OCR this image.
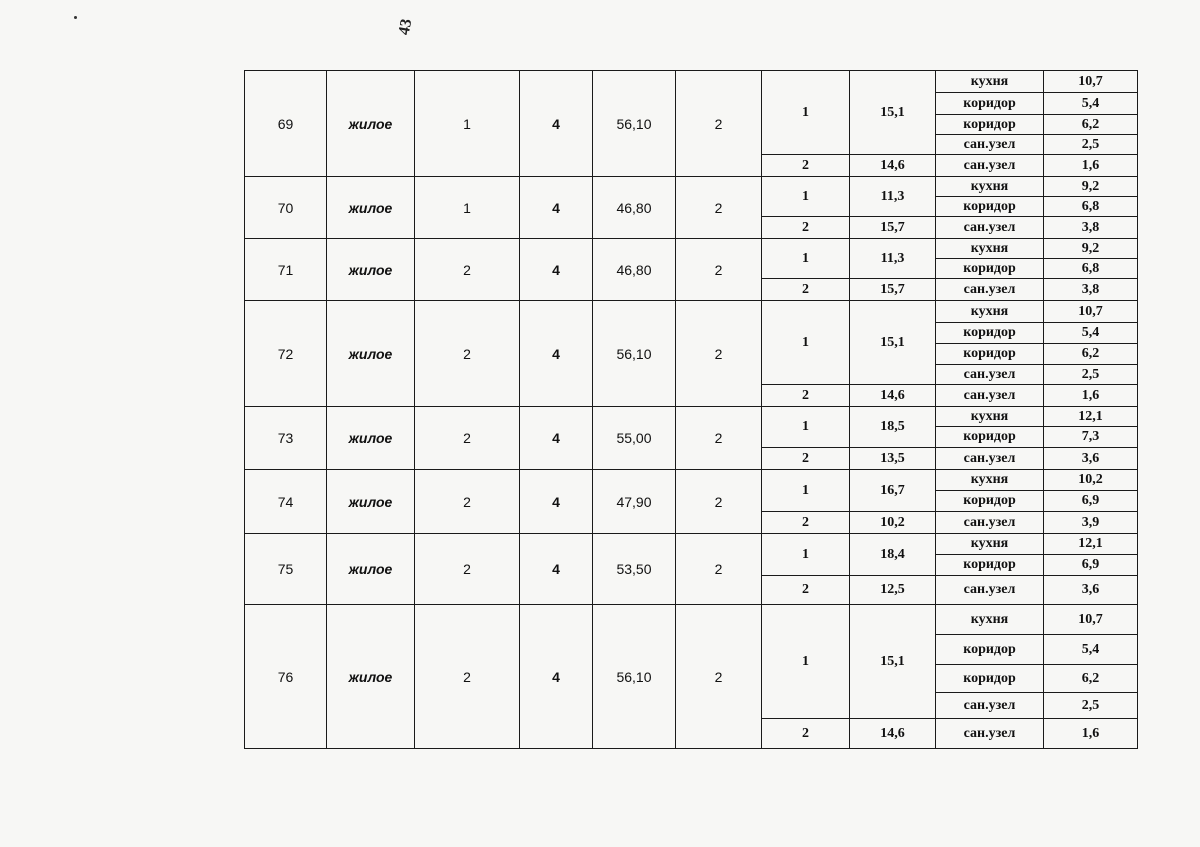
43
69	жилое	1	4	56,10	2	1	15,1	кухня	10,7
								коридор	5,4
								коридор	6,2
								сан.узел	2,5
						2	14,6	сан.узел	1,6
70	жилое	1	4	46,80	2	1	11,3	кухня	9,2
								коридор	6,8
						2	15,7	сан.узел	3,8
71	жилое	2	4	46,80	2	1	11,3	кухня	9,2
								коридор	6,8
						2	15,7	сан.узел	3,8
72	жилое	2	4	56,10	2	1	15,1	кухня	10,7
								коридор	5,4
								коридор	6,2
								сан.узел	2,5
						2	14,6	сан.узел	1,6
73	жилое	2	4	55,00	2	1	18,5	кухня	12,1
								коридор	7,3
						2	13,5	сан.узел	3,6
74	жилое	2	4	47,90	2	1	16,7	кухня	10,2
								коридор	6,9
						2	10,2	сан.узел	3,9
75	жилое	2	4	53,50	2	1	18,4	кухня	12,1
								коридор	6,9
						2	12,5	сан.узел	3,6
76	жилое	2	4	56,10	2	1	15,1	кухня	10,7
								коридор	5,4
								коридор	6,2
								сан.узел	2,5
						2	14,6	сан.узел	1,6
